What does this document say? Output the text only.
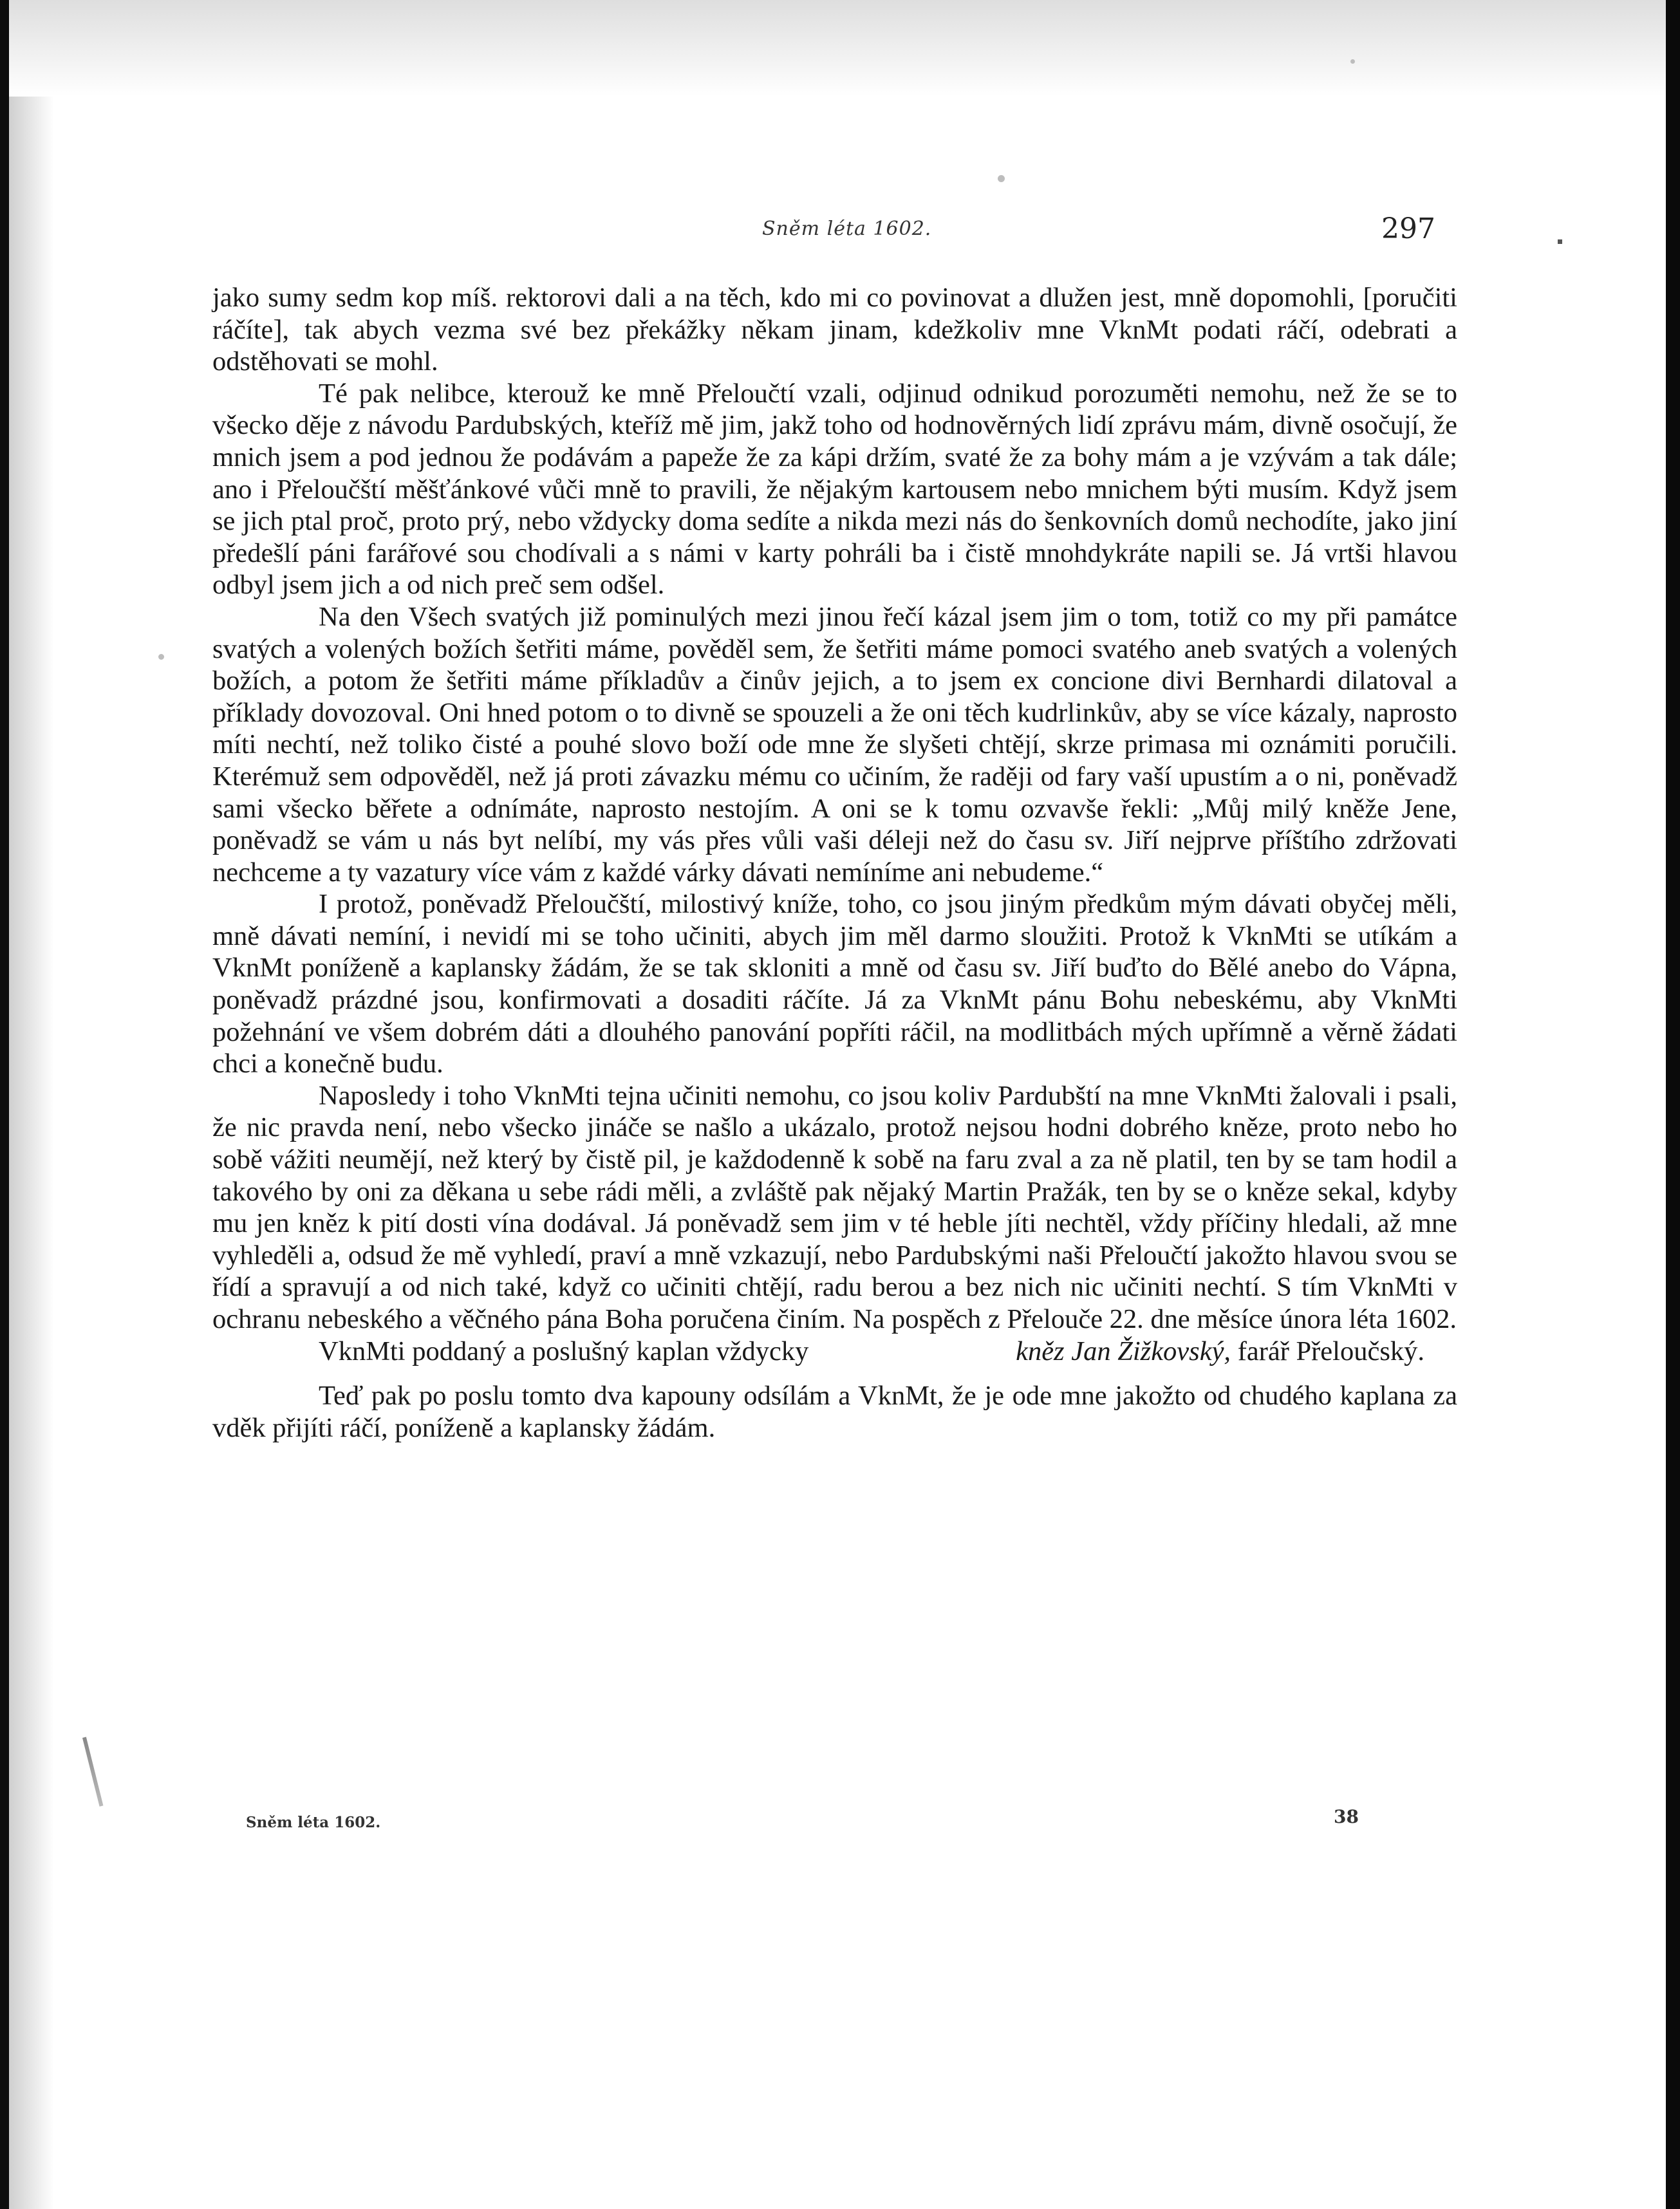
Sněm léta 1602.	297

jako sumy sedm kop míš. rektorovi dali a na těch, kdo mi co povinovat a dlužen jest, mně dopomohli, [poručiti ráčíte], tak abych vezma své bez překážky někam jinam, kdežkoliv mne VknMt podati ráčí, odebrati a odstěhovati se mohl.

Té pak nelibce, kterouž ke mně Přeloučtí vzali, odjinud odnikud porozuměti nemohu, než že se to všecko děje z návodu Pardubských, kteříž mě jim, jakž toho od hodnověrných lidí zprávu mám, divně osočují, že mnich jsem a pod jednou že podávám a papeže že za kápi držím, svaté že za bohy mám a je vzývám a tak dále; ano i Přeloučští měšťánkové vůči mně to pravili, že nějakým kartousem nebo mnichem býti musím. Když jsem se jich ptal proč, proto prý, nebo vždycky doma sedíte a nikda mezi nás do šenkovních domů nechodíte, jako jiní předešlí páni farářové sou chodívali a s námi v karty pohráli ba i čistě mnohdykráte napili se. Já vrtši hlavou odbyl jsem jich a od nich preč sem odšel.

Na den Všech svatých již pominulých mezi jinou řečí kázal jsem jim o tom, totiž co my při památce svatých a volených božích šetřiti máme, pověděl sem, že šetřiti máme pomoci svatého aneb svatých a volených božích, a potom že šetřiti máme příkladův a činův jejich, a to jsem ex concione divi Bernhardi dilatoval a příklady dovozoval. Oni hned potom o to divně se spouzeli a že oni těch kudrlinkův, aby se více kázaly, naprosto míti nechtí, než toliko čisté a pouhé slovo boží ode mne že slyšeti chtějí, skrze primasa mi oznámiti poručili. Kterémuž sem odpověděl, než já proti závazku mému co učiním, že raději od fary vaší upustím a o ni, poněvadž sami všecko běřete a odnímáte, naprosto nestojím. A oni se k tomu ozvavše řekli: „Můj milý kněže Jene, poněvadž se vám u nás byt nelíbí, my vás přes vůli vaši déleji než do času sv. Jiří nejprve příštího zdržovati nechceme a ty vazatury více vám z každé várky dávati nemíníme ani nebudeme.“

I protož, poněvadž Přeloučští, milostivý kníže, toho, co jsou jiným předkům mým dávati obyčej měli, mně dávati nemíní, i nevidí mi se toho učiniti, abych jim měl darmo sloužiti. Protož k VknMti se utíkám a VknMt poníženě a kaplansky žádám, že se tak skloniti a mně od času sv. Jiří buďto do Bělé anebo do Vápna, poněvadž prázdné jsou, konfirmovati a dosaditi ráčíte. Já za VknMt pánu Bohu nebeskému, aby VknMti požehnání ve všem dobrém dáti a dlouhého panování popříti ráčil, na modlitbách mých upřímně a věrně žádati chci a konečně budu.

Naposledy i toho VknMti tejna učiniti nemohu, co jsou koliv Pardubští na mne VknMti žalovali i psali, že nic pravda není, nebo všecko jináče se našlo a ukázalo, protož nejsou hodni dobrého kněze, proto nebo ho sobě vážiti neumějí, než který by čistě pil, je každodenně k sobě na faru zval a za ně platil, ten by se tam hodil a takového by oni za děkana u sebe rádi měli, a zvláště pak nějaký Martin Pražák, ten by se o kněze sekal, kdyby mu jen kněz k pití dosti vína dodával. Já poněvadž sem jim v té heble jíti nechtěl, vždy příčiny hledali, až mne vyhleděli a, odsud že mě vyhledí, praví a mně vzkazují, nebo Pardubskými naši Přeloučtí jakožto hlavou svou se řídí a spravují a od nich také, když co učiniti chtějí, radu berou a bez nich nic učiniti nechtí. S tím VknMti v ochranu nebeského a věčného pána Boha poručena činím. Na pospěch z Přelouče 22. dne měsíce února léta 1602.

VknMti poddaný a poslušný kaplan vždycky	kněz Jan Žižkovský, farář Přeloučský.

Teď pak po poslu tomto dva kapouny odsílám a VknMt, že je ode mne jakožto od chudého kaplana za vděk přijíti ráčí, poníženě a kaplansky žádám.

Sněm léta 1602.	38
